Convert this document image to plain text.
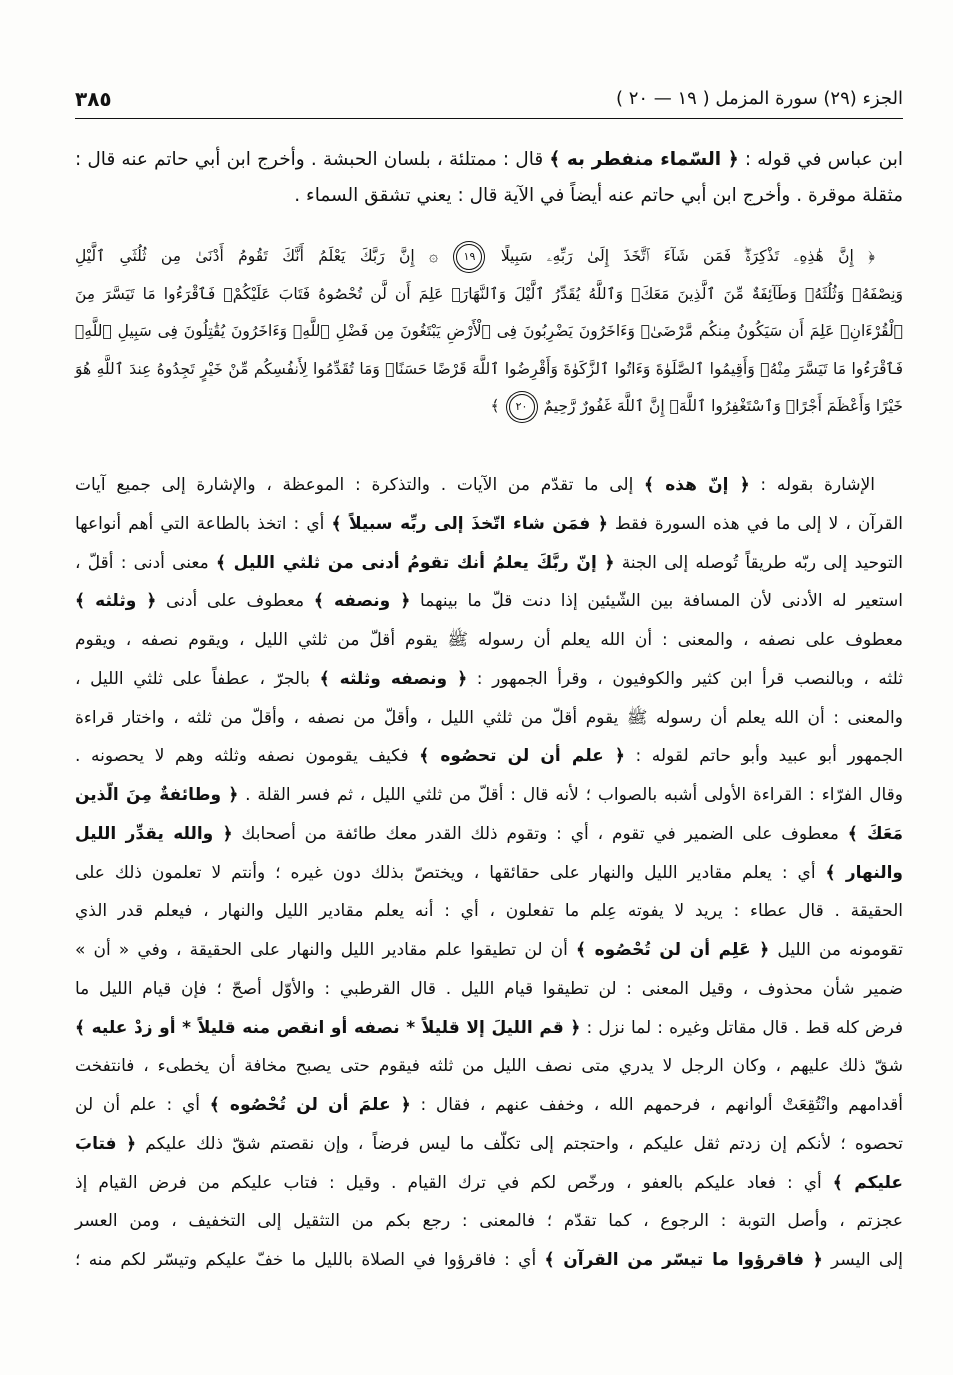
الجزء (٢٩) سورة المزمل ( ١٩ — ٢٠ )
٣٨٥
ابن عباس في قوله : ﴿ السّماء منفطر به ﴾ قال : ممتلئة ، بلسان الحبشة . وأخرج ابن أبي حاتم عنه قال :
مثقلة موقرة . وأخرج ابن أبي حاتم عنه أيضاً في الآية قال : يعني تشقق السماء .
﴿ إِنَّ هَٰذِهِۦ تَذْكِرَةٌۖ فَمَن شَآءَ ٱتَّخَذَ إِلَىٰ رَبِّهِۦ سَبِيلًا ١٩ ۞ إِنَّ رَبَّكَ يَعْلَمُ أَنَّكَ تَقُومُ أَدْنَىٰ مِن ثُلُثَىِ ٱلَّيْلِ
وَنِصْفَهُۥ وَثُلُثَهُۥ وَطَآئِفَةٌ مِّنَ ٱلَّذِينَ مَعَكَۚ وَٱللَّهُ يُقَدِّرُ ٱلَّيْلَ وَٱلنَّهَارَۚ عَلِمَ أَن لَّن تُحْصُوهُ فَتَابَ عَلَيْكُمْۖ فَٱقْرَءُوا مَا تَيَسَّرَ مِنَ
ٱلْقُرْءَانِۚ عَلِمَ أَن سَيَكُونُ مِنكُم مَّرْضَىٰۙ وَءَاخَرُونَ يَضْرِبُونَ فِى ٱلْأَرْضِ يَبْتَغُونَ مِن فَضْلِ ٱللَّهِۙ وَءَاخَرُونَ يُقَٰتِلُونَ فِى سَبِيلِ ٱللَّهِۖ
فَٱقْرَءُوا مَا تَيَسَّرَ مِنْهُۚ وَأَقِيمُوا ٱلصَّلَوٰةَ وَءَاتُوا ٱلزَّكَوٰةَ وَأَقْرِضُوا ٱللَّهَ قَرْضًا حَسَنًاۚ وَمَا تُقَدِّمُوا لِأَنفُسِكُم مِّنْ خَيْرٍ تَجِدُوهُ عِندَ ٱللَّهِ هُوَ
خَيْرًا وَأَعْظَمَ أَجْرًاۚ وَٱسْتَغْفِرُوا ٱللَّهَۖ إِنَّ ٱللَّهَ غَفُورٌ رَّحِيمٌ ٢٠ ﴾
الإشارة بقوله : ﴿ إنّ هذه ﴾ إلى ما تقدّم من الآيات . والتذكرة : الموعظة ، والإشارة إلى جميع آيات
القرآن ، لا إلى ما في هذه السورة فقط ﴿ فمَن شاء اتّخذَ إلى ربِّه سبيلاً ﴾ أي : اتخذ بالطاعة التي أهم أنواعها
التوحيد إلى ربّه طريقاً تُوصله إلى الجنة ﴿ إنّ ربَّكَ يعلمُ أنك تقومُ أدنى من ثلثي الليل ﴾ معنى أدنى : أقلّ ،
استعير له الأدنى لأن المسافة بين الشّيئين إذا دنت قلّ ما بينهما ﴿ ونصفه ﴾ معطوف على أدنى ﴿ وثلثه ﴾
معطوف على نصفه ، والمعنى : أن الله يعلم أن رسوله ﷺ يقوم أقلّ من ثلثي الليل ، ويقوم نصفه ، ويقوم
ثلثه ، وبالنصب قرأ ابن كثير والكوفيون ، وقرأ الجمهور : ﴿ ونصفه وثلثه ﴾ بالجرّ ، عطفاً على ثلثي الليل ،
والمعنى : أن الله يعلم أن رسوله ﷺ يقوم أقلّ من ثلثي الليل ، وأقلّ من نصفه ، وأقلّ من ثلثه ، واختار قراءة
الجمهور أبو عبيد وأبو حاتم لقوله : ﴿ علم أن لن تحصُوه ﴾ فكيف يقومون نصفه وثلثه وهم لا يحصونه .
وقال الفرّاء : القراءة الأولى أشبه بالصواب ؛ لأنه قال : أقلّ من ثلثي الليل ، ثم فسر القلة . ﴿ وطائفةٌ مِنَ الّذين
مَعَكَ ﴾ معطوف على الضمير في تقوم ، أي : وتقوم ذلك القدر معك طائفة من أصحابك ﴿ والله يقدِّر الليل
والنهار ﴾ أي : يعلم مقادير الليل والنهار على حقائقها ، ويختصّ بذلك دون غيره ؛ وأنتم لا تعلمون ذلك على
الحقيقة . قال عطاء : يريد لا يفوته عِلم ما تفعلون ، أي : أنه يعلم مقادير الليل والنهار ، فيعلم قدر الذي
تقومونه من الليل ﴿ عَلِم أن لن تُحْصُوه ﴾ أن لن تطيقوا علم مقادير الليل والنهار على الحقيقة ، وفي « أن »
ضمير شأن محذوف ، وقيل المعنى : لن تطيقوا قيام الليل . قال القرطبي : والأوّل أصحّ ؛ فإن قيام الليل ما
فرض كله قط . قال مقاتل وغيره : لما نزل : ﴿ قم الليلَ إلا قليلاً * نصفه أو انقص منه قليلاً * أو زدْ عليه ﴾
شقّ ذلك عليهم ، وكان الرجل لا يدري متى نصف الليل من ثلثه فيقوم حتى يصبح مخافة أن يخطىء ، فانتفخت
أقدامهم وانْتُقِعَتْ ألوانهم ، فرحمهم الله ، وخفف عنهم ، فقال : ﴿ علمَ أن لن تُحْصُوه ﴾ أي : علم أن لن
تحصوه ؛ لأنكم إن زدتم ثقل عليكم ، واحتجتم إلى تكلّف ما ليس فرضاً ، وإن نقصتم شقّ ذلك عليكم ﴿ فتابَ
عليكم ﴾ أي : فعاد عليكم بالعفو ، ورخّص لكم في ترك القيام . وقيل : فتاب عليكم من فرض القيام إذ
عجزتم ، وأصل التوبة : الرجوع ، كما تقدّم ؛ فالمعنى : رجع بكم من التثقيل إلى التخفيف ، ومن العسر
إلى اليسر ﴿ فاقرؤوا ما تيسّر من القرآن ﴾ أي : فاقرؤوا في الصلاة بالليل ما خفّ عليكم وتيسّر لكم منه ؛
